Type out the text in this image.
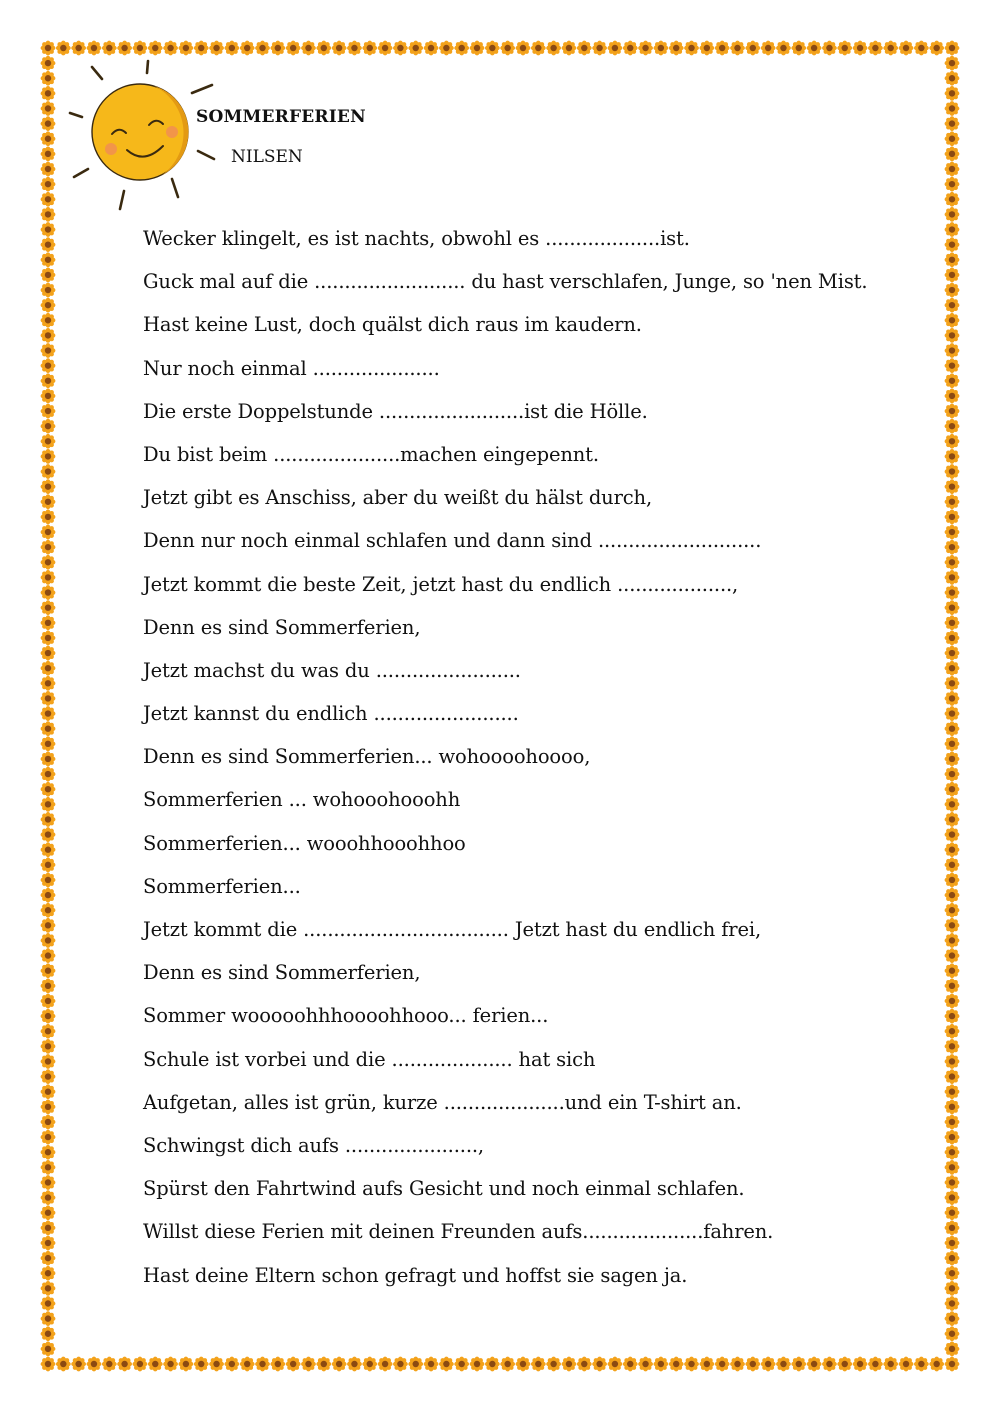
SOMMERFERIEN
NILSEN
Wecker klingelt, es ist nachts, obwohl es ...................ist.
Guck mal auf die ......................... du hast verschlafen, Junge, so 'nen Mist.
Hast keine Lust, doch quälst dich raus im kaudern.
Nur noch einmal .....................
Die erste Doppelstunde ........................ist die Hölle.
Du bist beim .....................machen eingepennt.
Jetzt gibt es Anschiss, aber du weißt du hälst durch,
Denn nur noch einmal schlafen und dann sind ...........................
Jetzt kommt die beste Zeit, jetzt hast du endlich ...................,
Denn es sind Sommerferien,
Jetzt machst du was du ........................
Jetzt kannst du endlich ........................
Denn es sind Sommerferien... wohoooohoooo,
Sommerferien ... wohooohooohh
Sommerferien... wooohhooohhoo
Sommerferien...
Jetzt kommt die .................................. Jetzt hast du endlich frei,
Denn es sind Sommerferien,
Sommer wooooohhhoooohhooo... ferien...
Schule ist vorbei und die .................... hat sich
Aufgetan, alles ist grün, kurze ....................und ein T-shirt an.
Schwingst dich aufs ......................,
Spürst den Fahrtwind aufs Gesicht und noch einmal schlafen.
Willst diese Ferien mit deinen Freunden aufs....................fahren.
Hast deine Eltern schon gefragt und hoffst sie sagen ja.
